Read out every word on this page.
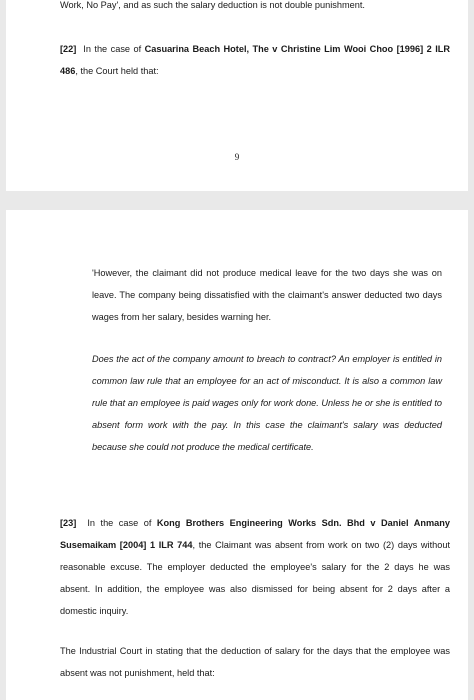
Work, No Pay', and as such the salary deduction is not double punishment.

[22] In the case of Casuarina Beach Hotel, The v Christine Lim Wooi Choo [1996] 2 ILR 486, the Court held that:

9

'However, the claimant did not produce medical leave for the two days she was on leave. The company being dissatisfied with the claimant's answer deducted two days wages from her salary, besides warning her.

Does the act of the company amount to breach to contract? An employer is entitled in common law rule that an employee for an act of misconduct. It is also a common law rule that an employee is paid wages only for work done. Unless he or she is entitled to absent form work with the pay. In this case the claimant's salary was deducted because she could not produce the medical certificate.

[23] In the case of Kong Brothers Engineering Works Sdn. Bhd v Daniel Anmany Susemaikam [2004] 1 ILR 744, the Claimant was absent from work on two (2) days without reasonable excuse. The employer deducted the employee's salary for the 2 days he was absent. In addition, the employee was also dismissed for being absent for 2 days after a domestic inquiry.

The Industrial Court in stating that the deduction of salary for the days that the employee was absent was not punishment, held that:
